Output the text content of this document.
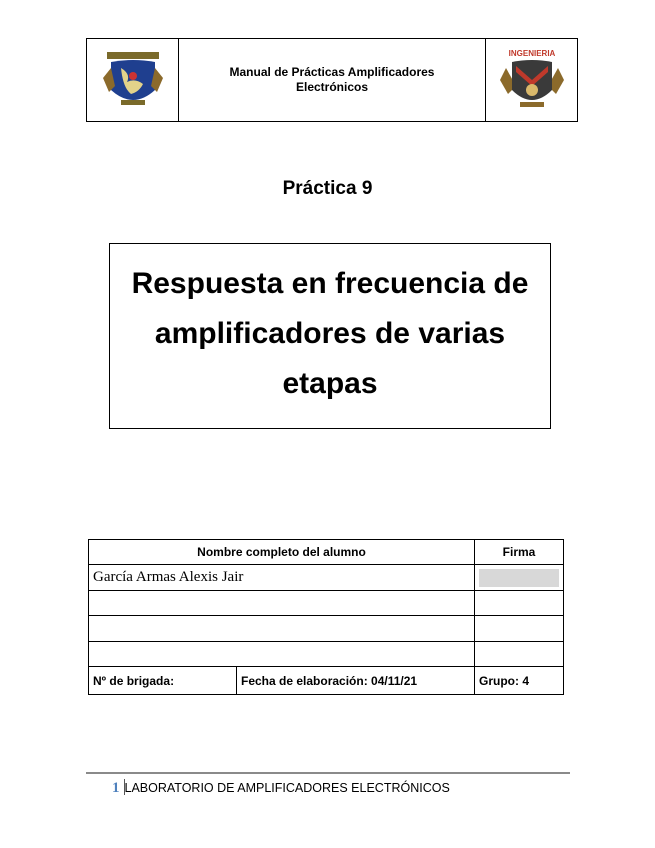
Manual de Prácticas Amplificadores
Electrónicos
INGENIERIA
Práctica 9
Respuesta en frecuencia de amplificadores de varias etapas
Nombre completo del alumno		Firma
García Armas Alexis Jair		

Nº de brigada:	Fecha de elaboración: 04/11/21	Grupo: 4
1 LABORATORIO DE AMPLIFICADORES ELECTRÓNICOS
